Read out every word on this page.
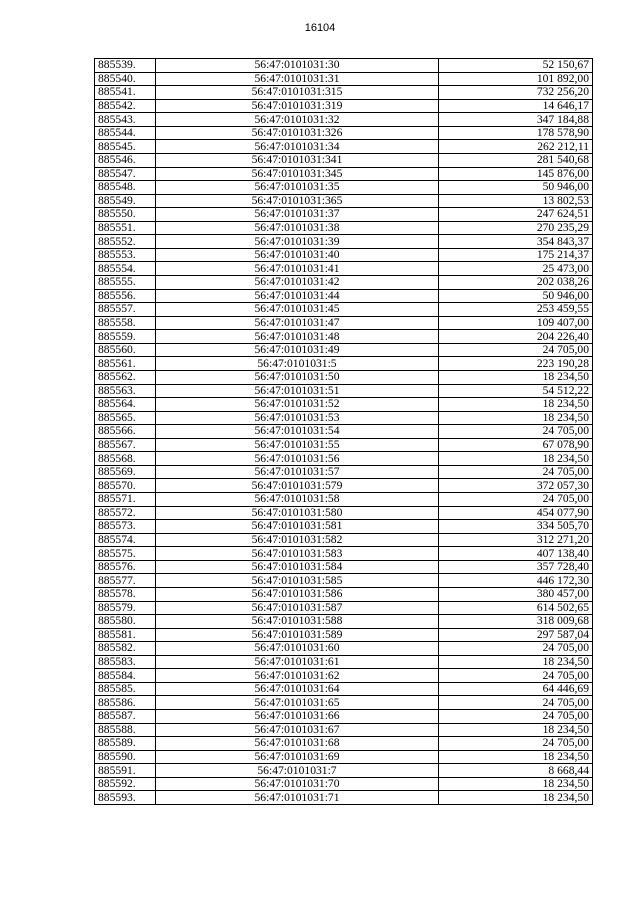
16104
885539.	56:47:0101031:30	52 150,67
885540.	56:47:0101031:31	101 892,00
885541.	56:47:0101031:315	732 256,20
885542.	56:47:0101031:319	14 646,17
885543.	56:47:0101031:32	347 184,88
885544.	56:47:0101031:326	178 578,90
885545.	56:47:0101031:34	262 212,11
885546.	56:47:0101031:341	281 540,68
885547.	56:47:0101031:345	145 876,00
885548.	56:47:0101031:35	50 946,00
885549.	56:47:0101031:365	13 802,53
885550.	56:47:0101031:37	247 624,51
885551.	56:47:0101031:38	270 235,29
885552.	56:47:0101031:39	354 843,37
885553.	56:47:0101031:40	175 214,37
885554.	56:47:0101031:41	25 473,00
885555.	56:47:0101031:42	202 038,26
885556.	56:47:0101031:44	50 946,00
885557.	56:47:0101031:45	253 459,55
885558.	56:47:0101031:47	109 407,00
885559.	56:47:0101031:48	204 226,40
885560.	56:47:0101031:49	24 705,00
885561.	56:47:0101031:5	223 190,28
885562.	56:47:0101031:50	18 234,50
885563.	56:47:0101031:51	54 512,22
885564.	56:47:0101031:52	18 234,50
885565.	56:47:0101031:53	18 234,50
885566.	56:47:0101031:54	24 705,00
885567.	56:47:0101031:55	67 078,90
885568.	56:47:0101031:56	18 234,50
885569.	56:47:0101031:57	24 705,00
885570.	56:47:0101031:579	372 057,30
885571.	56:47:0101031:58	24 705,00
885572.	56:47:0101031:580	454 077,90
885573.	56:47:0101031:581	334 505,70
885574.	56:47:0101031:582	312 271,20
885575.	56:47:0101031:583	407 138,40
885576.	56:47:0101031:584	357 728,40
885577.	56:47:0101031:585	446 172,30
885578.	56:47:0101031:586	380 457,00
885579.	56:47:0101031:587	614 502,65
885580.	56:47:0101031:588	318 009,68
885581.	56:47:0101031:589	297 587,04
885582.	56:47:0101031:60	24 705,00
885583.	56:47:0101031:61	18 234,50
885584.	56:47:0101031:62	24 705,00
885585.	56:47:0101031:64	64 446,69
885586.	56:47:0101031:65	24 705,00
885587.	56:47:0101031:66	24 705,00
885588.	56:47:0101031:67	18 234,50
885589.	56:47:0101031:68	24 705,00
885590.	56:47:0101031:69	18 234,50
885591.	56:47:0101031:7	8 668,44
885592.	56:47:0101031:70	18 234,50
885593.	56:47:0101031:71	18 234,50
